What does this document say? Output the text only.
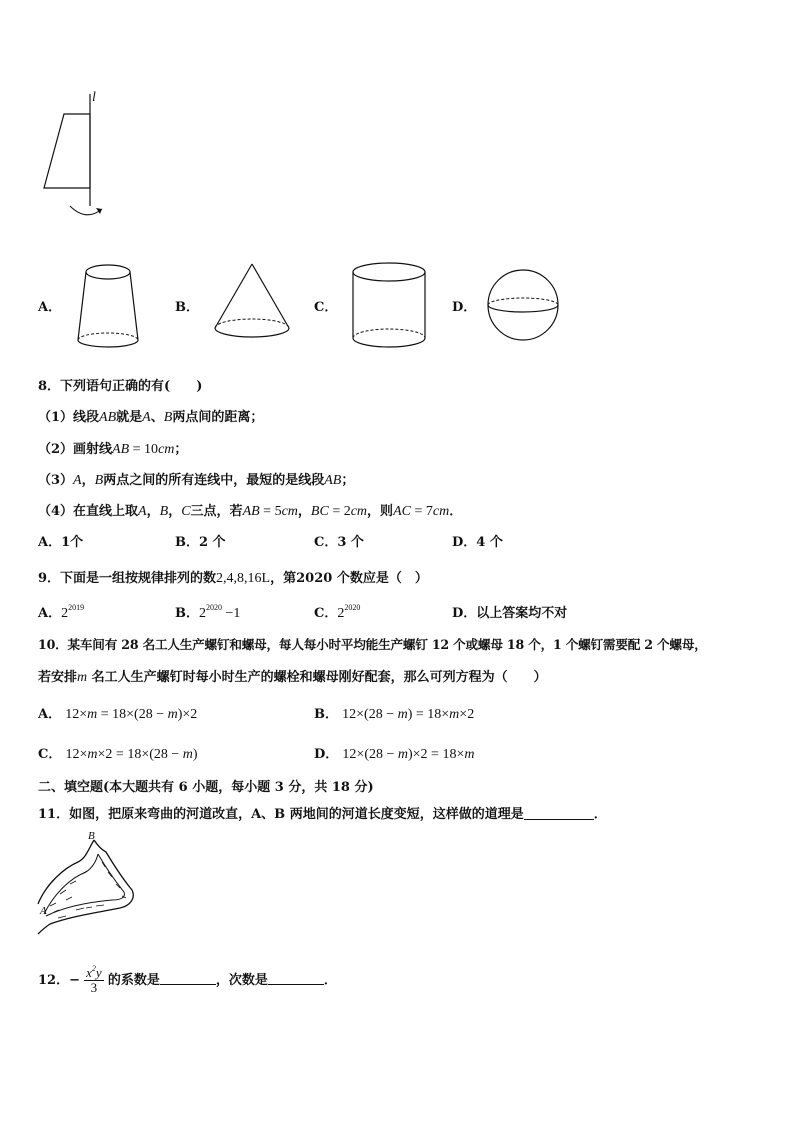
l
A．	B．	C．	D．
8．下列语句正确的有(　　)
（1）线段AB就是A、B两点间的距离；
（2）画射线AB = 10cm；
（3）A，B两点之间的所有连线中，最短的是线段AB；
（4）在直线上取A，B，C三点，若AB = 5cm，BC = 2cm，则AC = 7cm．
A．1个	B．2 个	C．3 个	D．4 个
9．下面是一组按规律排列的数2,4,8,16L，第2020 个数应是（　）
A．$2^{2019}$	B．$2^{2020} -1$	C．$2^{2020}$	D．以上答案均不对
10．某车间有 28 名工人生产螺钉和螺母，每人每小时平均能生产螺钉 12 个或螺母 18 个，1 个螺钉需要配 2 个螺母，
若安排m 名工人生产螺钉时每小时生产的螺栓和螺母刚好配套，那么可列方程为（　　）
A． 12×m = 18×(28 − m)×2	B． 12×(28 − m) = 18×m×2
C． 12×m×2 = 18×(28 − m)	D． 12×(28 − m)×2 = 18×m
二、填空题(本大题共有 6 小题，每小题 3 分，共 18 分)
11．如图，把原来弯曲的河道改直，A、B 两地间的河道长度变短，这样做的道理是	．
B
A
12．− $\frac{x^2y}{3}$ 的系数是	，次数是	．
